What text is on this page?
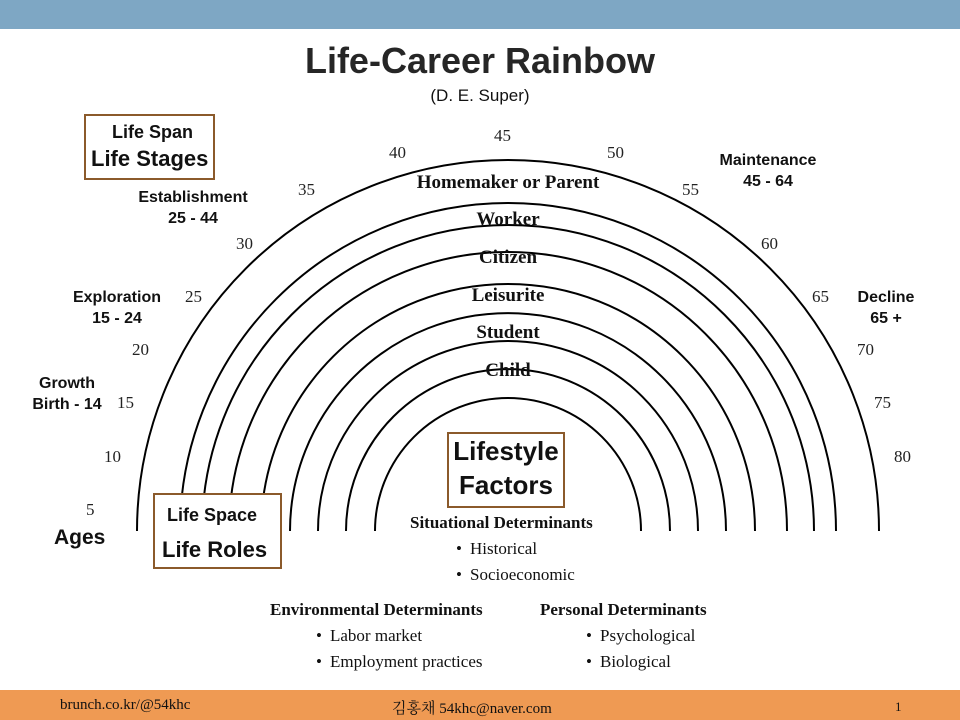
Life-Career Rainbow
(D. E. Super)
Homemaker or Parent
Worker
Citizen
Leisurite
Student
Child
5
10
15
20
25
30
35
40
45
50
55
60
65
70
75
80
Ages
Life Span
Life Stages
Life Space
Life Roles
Establishment
25 - 44
Maintenance
45 - 64
Exploration
15 - 24
Decline
65 +
Growth
Birth - 14
Lifestyle
Factors
Situational Determinants
• Historical
• Socioeconomic
Environmental Determinants
• Labor market
• Employment practices
Personal Determinants
• Psychological
• Biological
brunch.co.kr/@54khc	김홍채 54khc@naver.com	1
